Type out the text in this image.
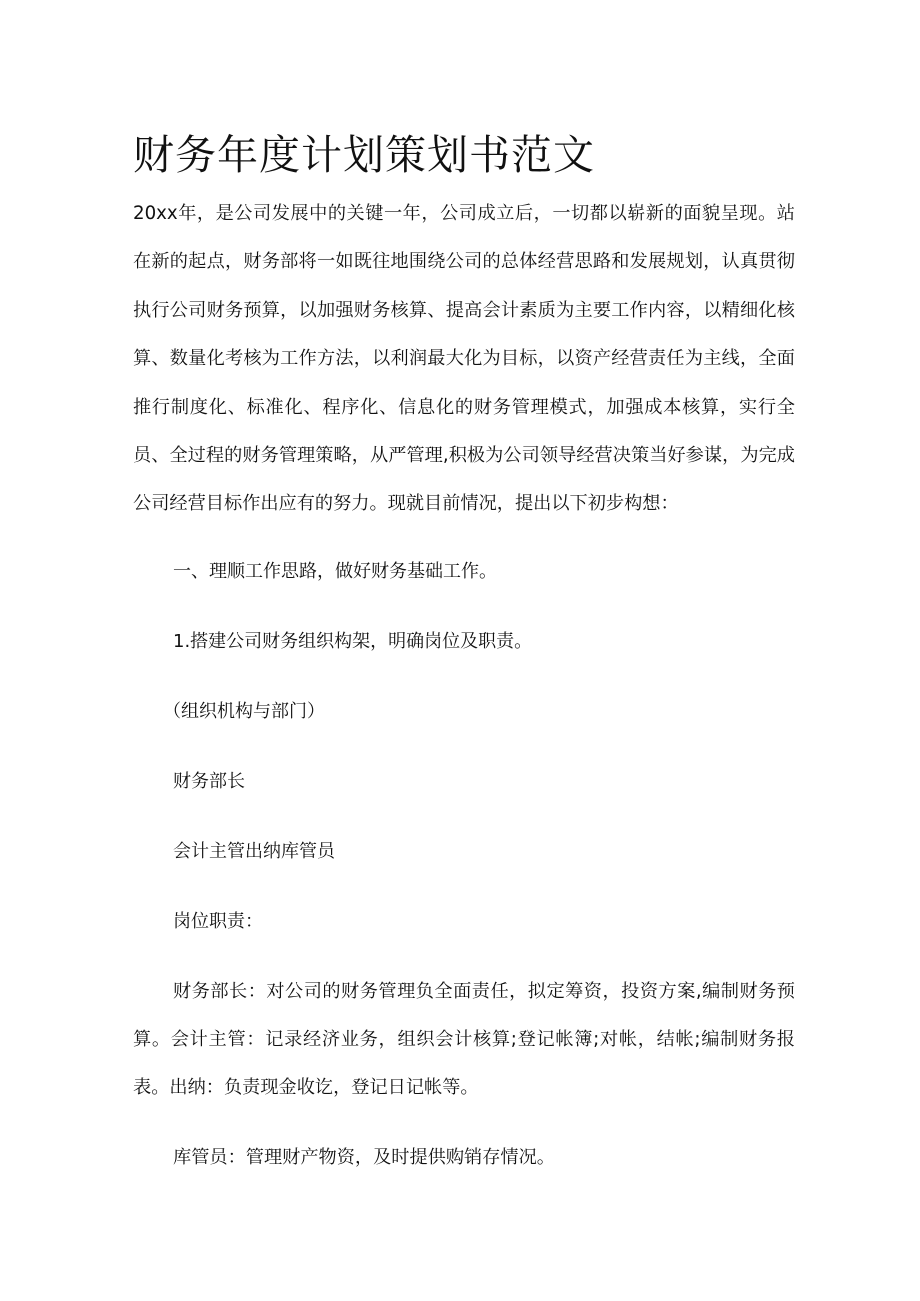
财务年度计划策划书范文

20xx年，是公司发展中的关键一年，公司成立后，一切都以崭新的面貌呈现。站在新的起点，财务部将一如既往地围绕公司的总体经营思路和发展规划，认真贯彻执行公司财务预算，以加强财务核算、提高会计素质为主要工作内容，以精细化核算、数量化考核为工作方法，以利润最大化为目标，以资产经营责任为主线，全面推行制度化、标准化、程序化、信息化的财务管理模式，加强成本核算，实行全员、全过程的财务管理策略，从严管理,积极为公司领导经营决策当好参谋，为完成公司经营目标作出应有的努力。现就目前情况，提出以下初步构想：

一、理顺工作思路，做好财务基础工作。

1.搭建公司财务组织构架，明确岗位及职责。

（组织机构与部门）

财务部长

会计主管出纳库管员

岗位职责：

财务部长：对公司的财务管理负全面责任，拟定筹资，投资方案,编制财务预算。会计主管：记录经济业务，组织会计核算;登记帐簿;对帐，结帐;编制财务报表。出纳：负责现金收讫，登记日记帐等。

库管员：管理财产物资，及时提供购销存情况。
